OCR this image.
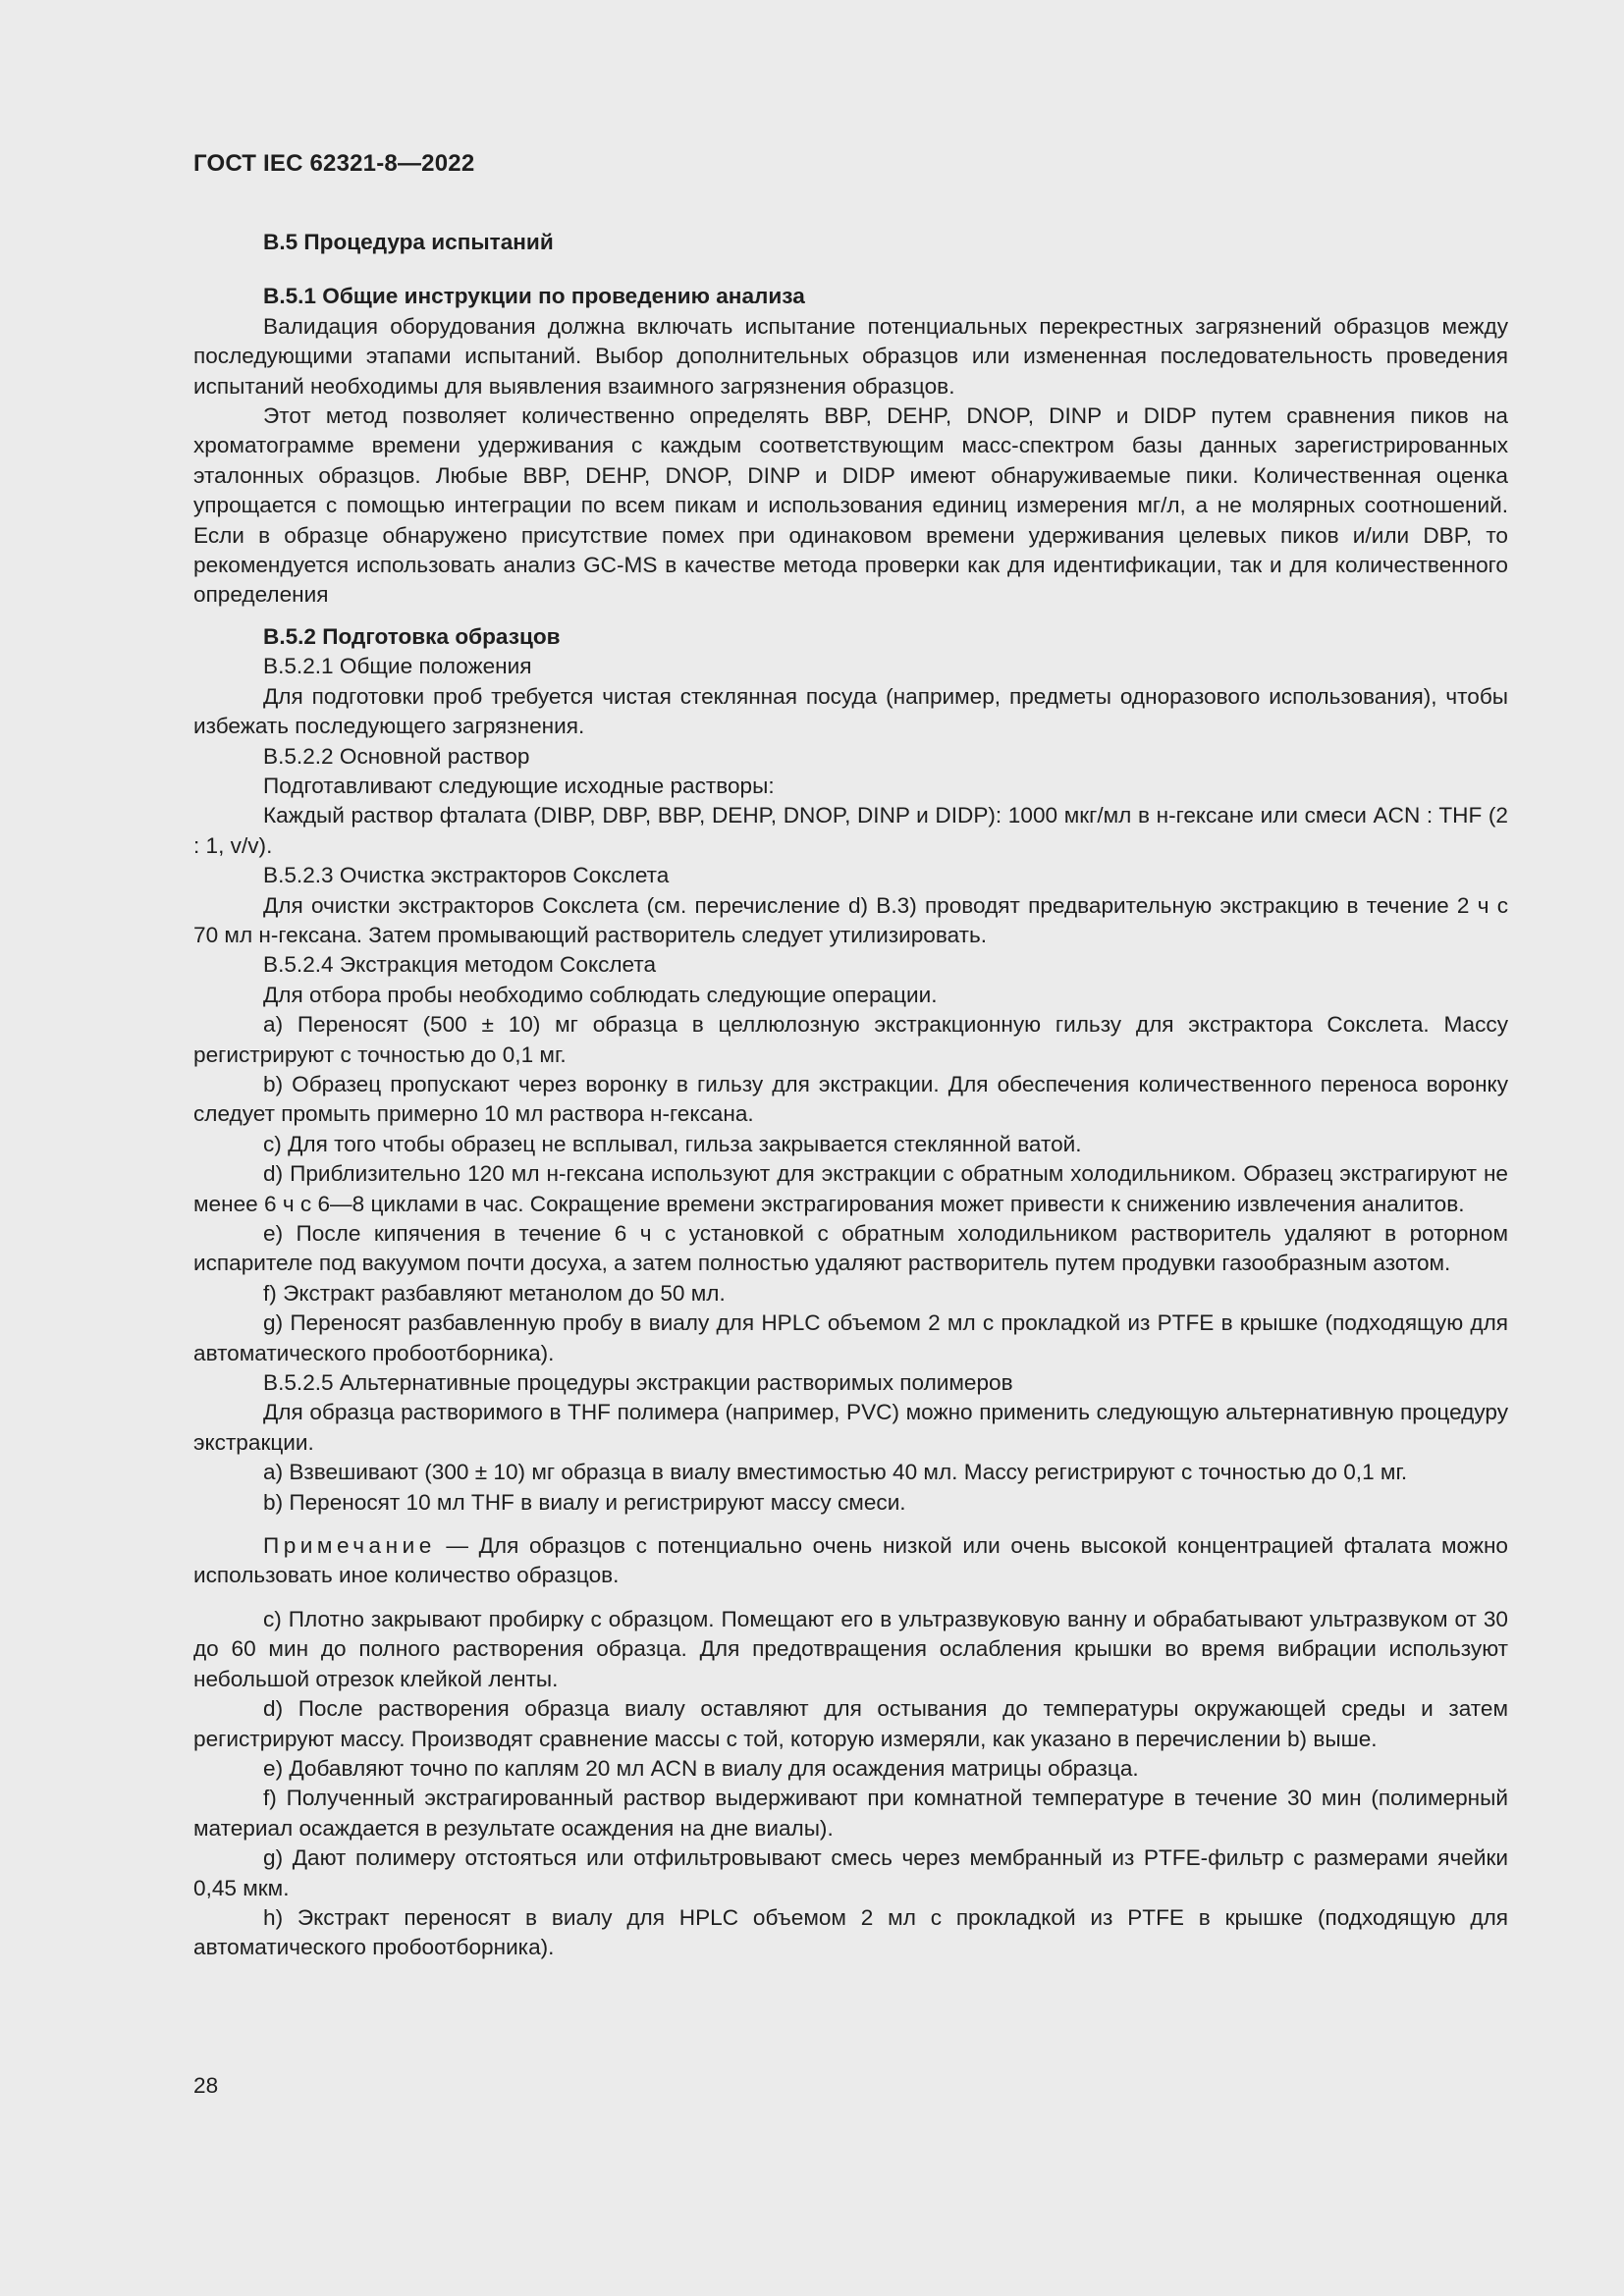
ГОСТ IEC 62321-8—2022

B.5 Процедура испытаний

B.5.1 Общие инструкции по проведению анализа

Валидация оборудования должна включать испытание потенциальных перекрестных загрязнений образцов между последующими этапами испытаний. Выбор дополнительных образцов или измененная последовательность проведения испытаний необходимы для выявления взаимного загрязнения образцов.

Этот метод позволяет количественно определять BBP, DEHP, DNOP, DINP и DIDP путем сравнения пиков на хроматограмме времени удерживания с каждым соответствующим масс-спектром базы данных зарегистрированных эталонных образцов. Любые BBP, DEHP, DNOP, DINP и DIDP имеют обнаруживаемые пики. Количественная оценка упрощается с помощью интеграции по всем пикам и использования единиц измерения мг/л, а не молярных соотношений. Если в образце обнаружено присутствие помех при одинаковом времени удерживания целевых пиков и/или DBP, то рекомендуется использовать анализ GC-MS в качестве метода проверки как для идентификации, так и для количественного определения

B.5.2 Подготовка образцов

B.5.2.1 Общие положения

Для подготовки проб требуется чистая стеклянная посуда (например, предметы одноразового использования), чтобы избежать последующего загрязнения.

B.5.2.2 Основной раствор

Подготавливают следующие исходные растворы:

Каждый раствор фталата (DIBP, DBP, BBP, DEHP, DNOP, DINP и DIDP): 1000 мкг/мл в н-гексане или смеси ACN : THF (2 : 1, v/v).

B.5.2.3 Очистка экстракторов Сокслета

Для очистки экстракторов Сокслета (см. перечисление d) B.3) проводят предварительную экстракцию в течение 2 ч с 70 мл н-гексана. Затем промывающий растворитель следует утилизировать.

B.5.2.4 Экстракция методом Сокслета

Для отбора пробы необходимо соблюдать следующие операции.

a) Переносят (500 ± 10) мг образца в целлюлозную экстракционную гильзу для экстрактора Сокслета. Массу регистрируют с точностью до 0,1 мг.

b) Образец пропускают через воронку в гильзу для экстракции. Для обеспечения количественного переноса воронку следует промыть примерно 10 мл раствора н-гексана.

c) Для того чтобы образец не всплывал, гильза закрывается стеклянной ватой.

d) Приблизительно 120 мл н-гексана используют для экстракции с обратным холодильником. Образец экстрагируют не менее 6 ч с 6—8 циклами в час. Сокращение времени экстрагирования может привести к снижению извлечения аналитов.

e) После кипячения в течение 6 ч с установкой с обратным холодильником растворитель удаляют в роторном испарителе под вакуумом почти досуха, а затем полностью удаляют растворитель путем продувки газообразным азотом.

f) Экстракт разбавляют метанолом до 50 мл.

g) Переносят разбавленную пробу в виалу для HPLC объемом 2 мл с прокладкой из PTFE в крышке (подходящую для автоматического пробоотборника).

B.5.2.5 Альтернативные процедуры экстракции растворимых полимеров

Для образца растворимого в THF полимера (например, PVC) можно применить следующую альтернативную процедуру экстракции.

a) Взвешивают (300 ± 10) мг образца в виалу вместимостью 40 мл. Массу регистрируют с точностью до 0,1 мг.

b) Переносят 10 мл THF в виалу и регистрируют массу смеси.

Примечание — Для образцов с потенциально очень низкой или очень высокой концентрацией фталата можно использовать иное количество образцов.

c) Плотно закрывают пробирку с образцом. Помещают его в ультразвуковую ванну и обрабатывают ультразвуком от 30 до 60 мин до полного растворения образца. Для предотвращения ослабления крышки во время вибрации используют небольшой отрезок клейкой ленты.

d) После растворения образца виалу оставляют для остывания до температуры окружающей среды и затем регистрируют массу. Производят сравнение массы с той, которую измеряли, как указано в перечислении b) выше.

e) Добавляют точно по каплям 20 мл ACN в виалу для осаждения матрицы образца.

f) Полученный экстрагированный раствор выдерживают при комнатной температуре в течение 30 мин (полимерный материал осаждается в результате осаждения на дне виалы).

g) Дают полимеру отстояться или отфильтровывают смесь через мембранный из PTFE-фильтр с размерами ячейки 0,45 мкм.

h) Экстракт переносят в виалу для HPLC объемом 2 мл с прокладкой из PTFE в крышке (подходящую для автоматического пробоотборника).

28
